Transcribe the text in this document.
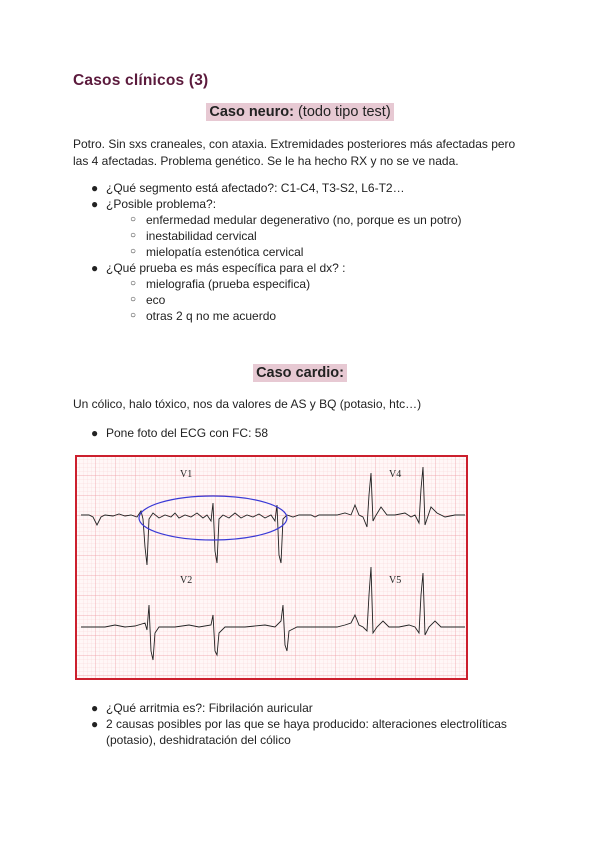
Casos clínicos (3)
Caso neuro: (todo tipo test)
Potro. Sin sxs craneales, con ataxia. Extremidades posteriores más afectadas pero
las 4 afectadas. Problema genético. Se le ha hecho RX y no se ve nada.
● ¿Qué segmento está afectado?: C1-C4, T3-S2, L6-T2…
● ¿Posible problema?:
○ enfermedad medular degenerativo (no, porque es un potro)
○ inestabilidad cervical
○ mielopatía estenótica cervical
● ¿Qué prueba es más específica para el dx? :
○ mielografia (prueba especifica)
○ eco
○ otras 2 q no me acuerdo
Caso cardio:
Un cólico, halo tóxico, nos da valores de AS y BQ (potasio, htc…)
● Pone foto del ECG con FC: 58
V1	V4
V2	V5
● ¿Qué arritmia es?: Fibrilación auricular
● 2 causas posibles por las que se haya producido: alteraciones electrolíticas
(potasio), deshidratación del cólico
